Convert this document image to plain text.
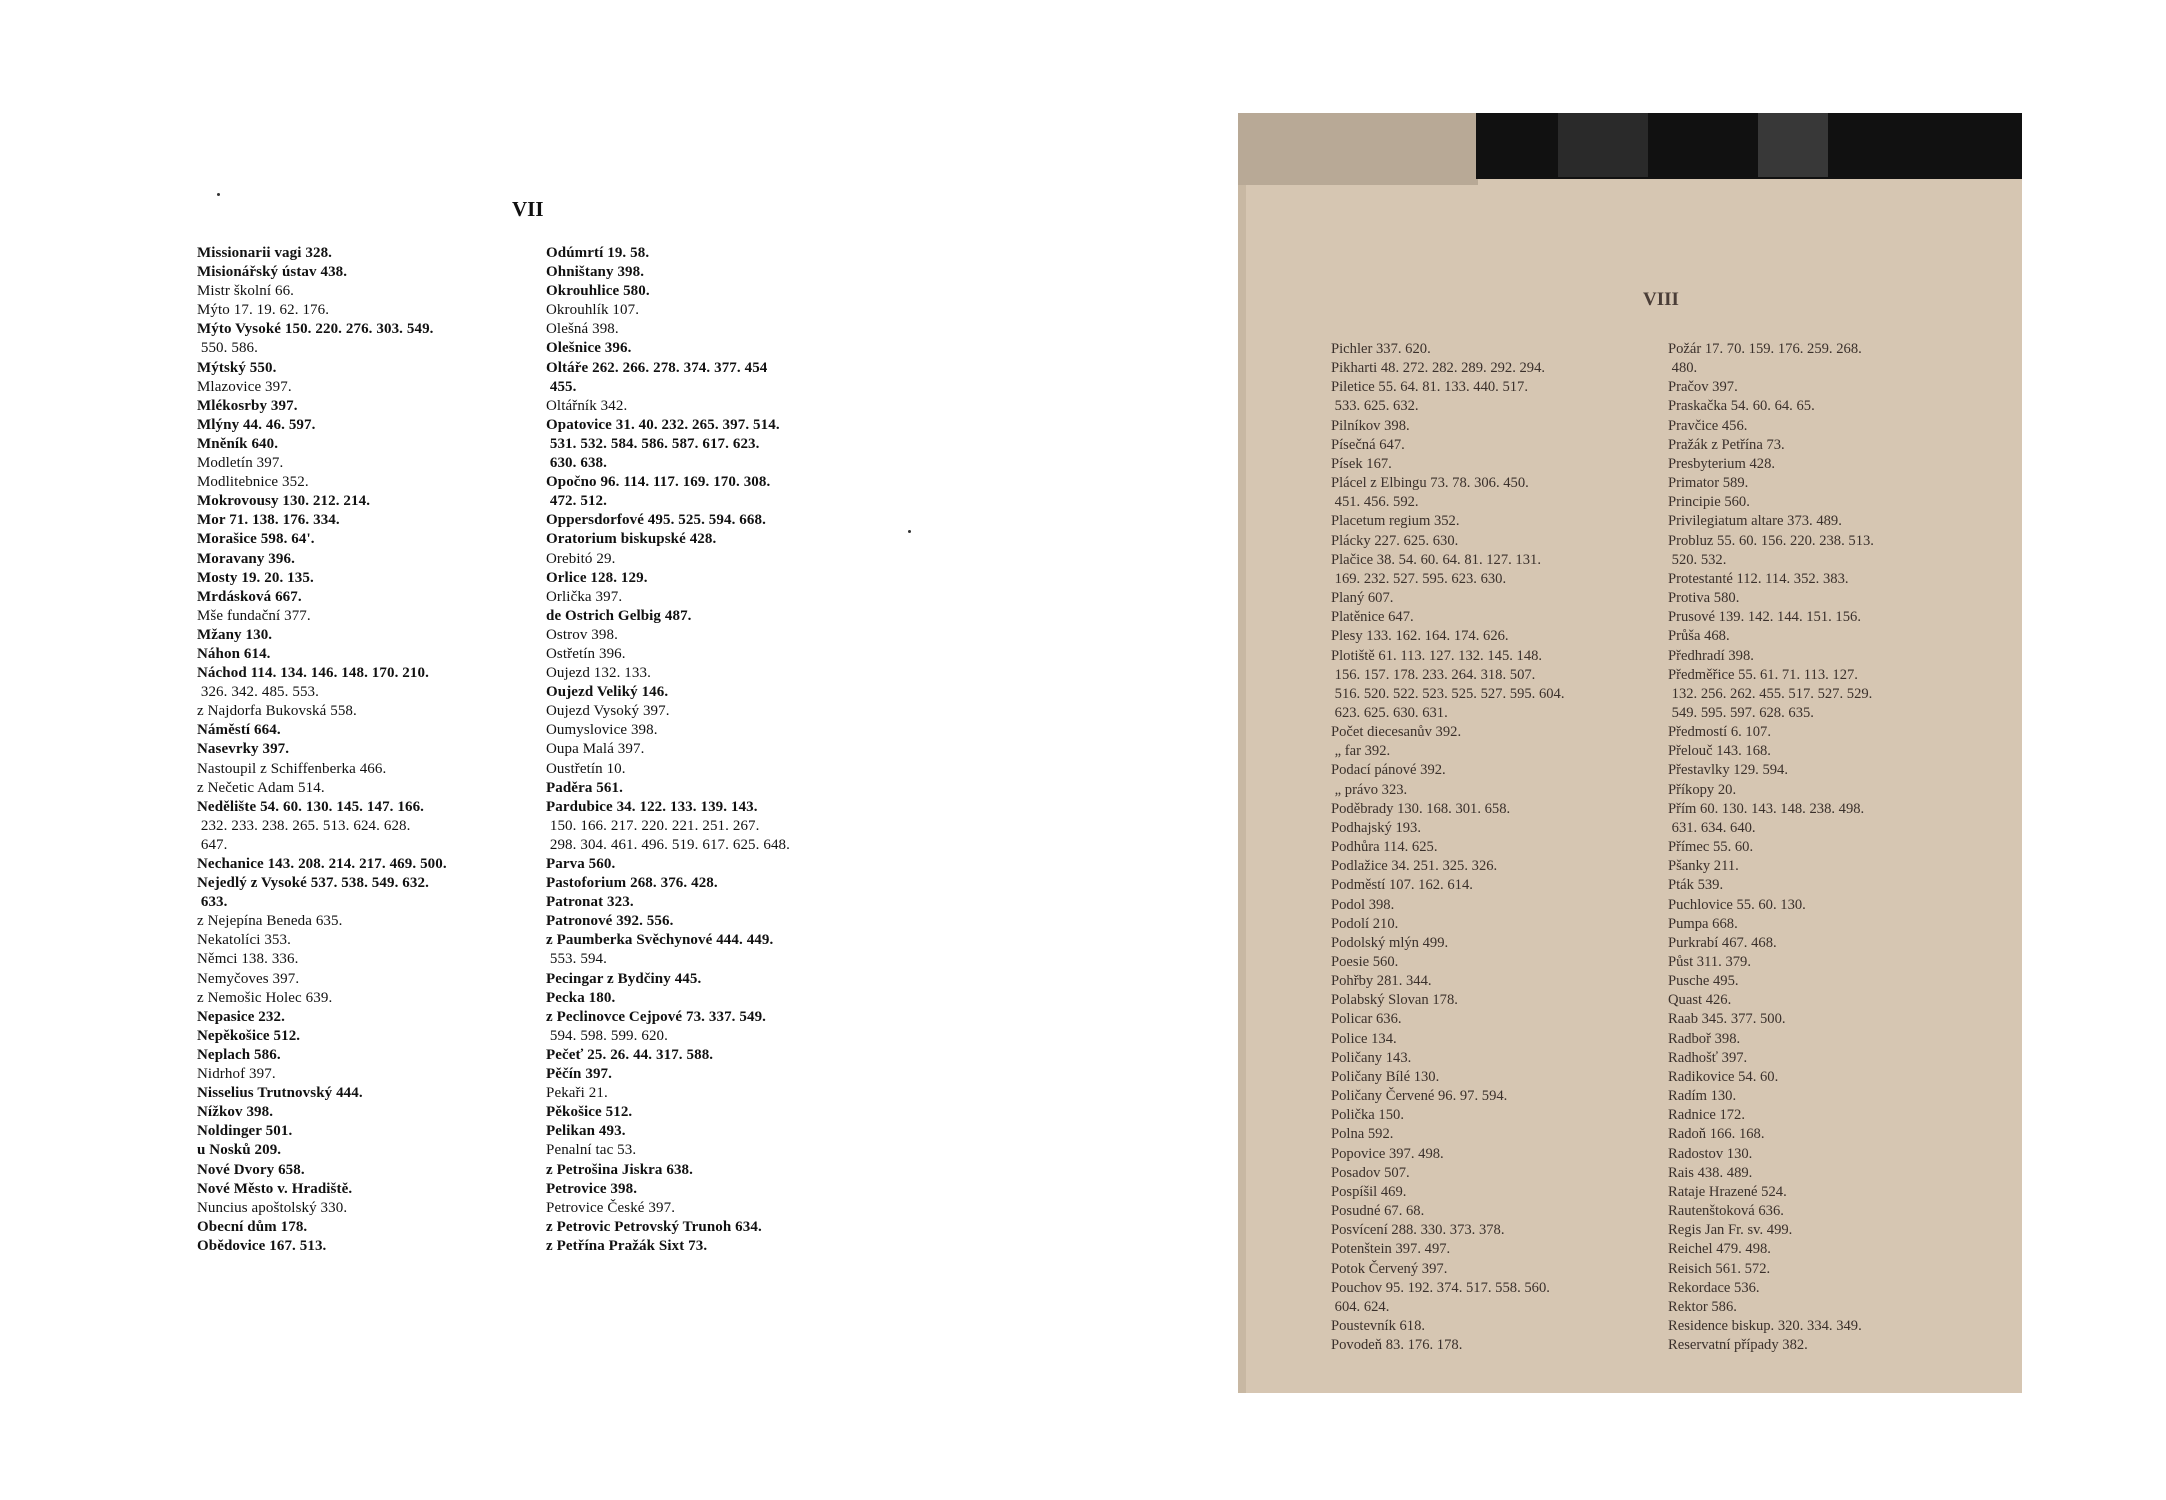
VII
Missionarii vagi 328.
Misionářský ústav 438.
Mistr školní 66.
Mýto 17. 19. 62. 176.
Mýto Vysoké 150. 220. 276. 303. 549.
550. 586.
Mýtský 550.
Mlazovice 397.
Mlékosrby 397.
Mlýny 44. 46. 597.
Mněník 640.
Modletín 397.
Modlitebnice 352.
Mokrovousy 130. 212. 214.
Mor 71. 138. 176. 334.
Morašice 598. 64'.
Moravany 396.
Mosty 19. 20. 135.
Mrdásková 667.
Mše fundační 377.
Mžany 130.
Náhon 614.
Náchod 114. 134. 146. 148. 170. 210.
326. 342. 485. 553.
z Najdorfa Bukovská 558.
Náměstí 664.
Nasevrky 397.
Nastoupil z Schiffenberka 466.
z Nečetic Adam 514.
Nedělište 54. 60. 130. 145. 147. 166.
232. 233. 238. 265. 513. 624. 628.
647.
Nechanice 143. 208. 214. 217. 469. 500.
Nejedlý z Vysoké 537. 538. 549. 632.
633.
z Nejepína Beneda 635.
Nekatolíci 353.
Němci 138. 336.
Nemyčoves 397.
z Nemošic Holec 639.
Nepasice 232.
Nepěkošice 512.
Neplach 586.
Nidrhof 397.
Nisselius Trutnovský 444.
Nížkov 398.
Noldinger 501.
u Nosků 209.
Nové Dvory 658.
Nové Město v. Hradiště.
Nuncius apoštolský 330.
Obecní dům 178.
Obědovice 167. 513.
Odúmrtí 19. 58.
Ohništany 398.
Okrouhlice 580.
Okrouhlík 107.
Olešná 398.
Olešnice 396.
Oltáře 262. 266. 278. 374. 377. 454
455.
Oltářník 342.
Opatovice 31. 40. 232. 265. 397. 514.
531. 532. 584. 586. 587. 617. 623.
630. 638.
Opočno 96. 114. 117. 169. 170. 308.
472. 512.
Oppersdorfové 495. 525. 594. 668.
Oratorium biskupské 428.
Orebitó 29.
Orlice 128. 129.
Orlička 397.
de Ostrich Gelbig 487.
Ostrov 398.
Ostřetín 396.
Oujezd 132. 133.
Oujezd Veliký 146.
Oujezd Vysoký 397.
Oumyslovice 398.
Oupa Malá 397.
Oustřetín 10.
Paděra 561.
Pardubice 34. 122. 133. 139. 143.
150. 166. 217. 220. 221. 251. 267.
298. 304. 461. 496. 519. 617. 625. 648.
Parva 560.
Pastoforium 268. 376. 428.
Patronat 323.
Patronové 392. 556.
z Paumberka Svěchynové 444. 449.
553. 594.
Pecingar z Bydčiny 445.
Pecka 180.
z Peclinovce Cejpové 73. 337. 549.
594. 598. 599. 620.
Pečeť 25. 26. 44. 317. 588.
Pěčín 397.
Pekaři 21.
Pěkošice 512.
Pelikan 493.
Penalní tac 53.
z Petrošina Jiskra 638.
Petrovice 398.
Petrovice České 397.
z Petrovic Petrovský Trunoh 634.
z Petřína Pražák Sixt 73.
VIII
Pichler 337. 620.
Pikharti 48. 272. 282. 289. 292. 294.
Piletice 55. 64. 81. 133. 440. 517.
533. 625. 632.
Pilníkov 398.
Písečná 647.
Písek 167.
Plácel z Elbingu 73. 78. 306. 450.
451. 456. 592.
Placetum regium 352.
Plácky 227. 625. 630.
Plačice 38. 54. 60. 64. 81. 127. 131.
169. 232. 527. 595. 623. 630.
Planý 607.
Platěnice 647.
Plesy 133. 162. 164. 174. 626.
Plotiště 61. 113. 127. 132. 145. 148.
156. 157. 178. 233. 264. 318. 507.
516. 520. 522. 523. 525. 527. 595. 604.
623. 625. 630. 631.
Počet diecesanův 392.
„ far 392.
Podací pánové 392.
„ právo 323.
Poděbrady 130. 168. 301. 658.
Podhajský 193.
Podhůra 114. 625.
Podlažice 34. 251. 325. 326.
Podměstí 107. 162. 614.
Podol 398.
Podolí 210.
Podolský mlýn 499.
Poesie 560.
Pohřby 281. 344.
Polabský Slovan 178.
Policar 636.
Police 134.
Poličany 143.
Poličany Bílé 130.
Poličany Červené 96. 97. 594.
Polička 150.
Polna 592.
Popovice 397. 498.
Posadov 507.
Pospíšil 469.
Posudné 67. 68.
Posvícení 288. 330. 373. 378.
Potenštein 397. 497.
Potok Červený 397.
Pouchov 95. 192. 374. 517. 558. 560.
604. 624.
Poustevník 618.
Povodeň 83. 176. 178.
Požár 17. 70. 159. 176. 259. 268.
480.
Pračov 397.
Praskačka 54. 60. 64. 65.
Pravčice 456.
Pražák z Petřína 73.
Presbyterium 428.
Primator 589.
Principie 560.
Privilegiatum altare 373. 489.
Probluz 55. 60. 156. 220. 238. 513.
520. 532.
Protestanté 112. 114. 352. 383.
Protiva 580.
Prusové 139. 142. 144. 151. 156.
Průša 468.
Předhradí 398.
Předměřice 55. 61. 71. 113. 127.
132. 256. 262. 455. 517. 527. 529.
549. 595. 597. 628. 635.
Předmostí 6. 107.
Přelouč 143. 168.
Přestavlky 129. 594.
Příkopy 20.
Přím 60. 130. 143. 148. 238. 498.
631. 634. 640.
Přímec 55. 60.
Pšanky 211.
Pták 539.
Puchlovice 55. 60. 130.
Pumpa 668.
Purkrabí 467. 468.
Půst 311. 379.
Pusche 495.
Quast 426.
Raab 345. 377. 500.
Radboř 398.
Radhošť 397.
Radikovice 54. 60.
Radím 130.
Radnice 172.
Radoň 166. 168.
Radostov 130.
Rais 438. 489.
Rataje Hrazené 524.
Rautenštoková 636.
Regis Jan Fr. sv. 499.
Reichel 479. 498.
Reisich 561. 572.
Rekordace 536.
Rektor 586.
Residence biskup. 320. 334. 349.
Reservatní případy 382.
